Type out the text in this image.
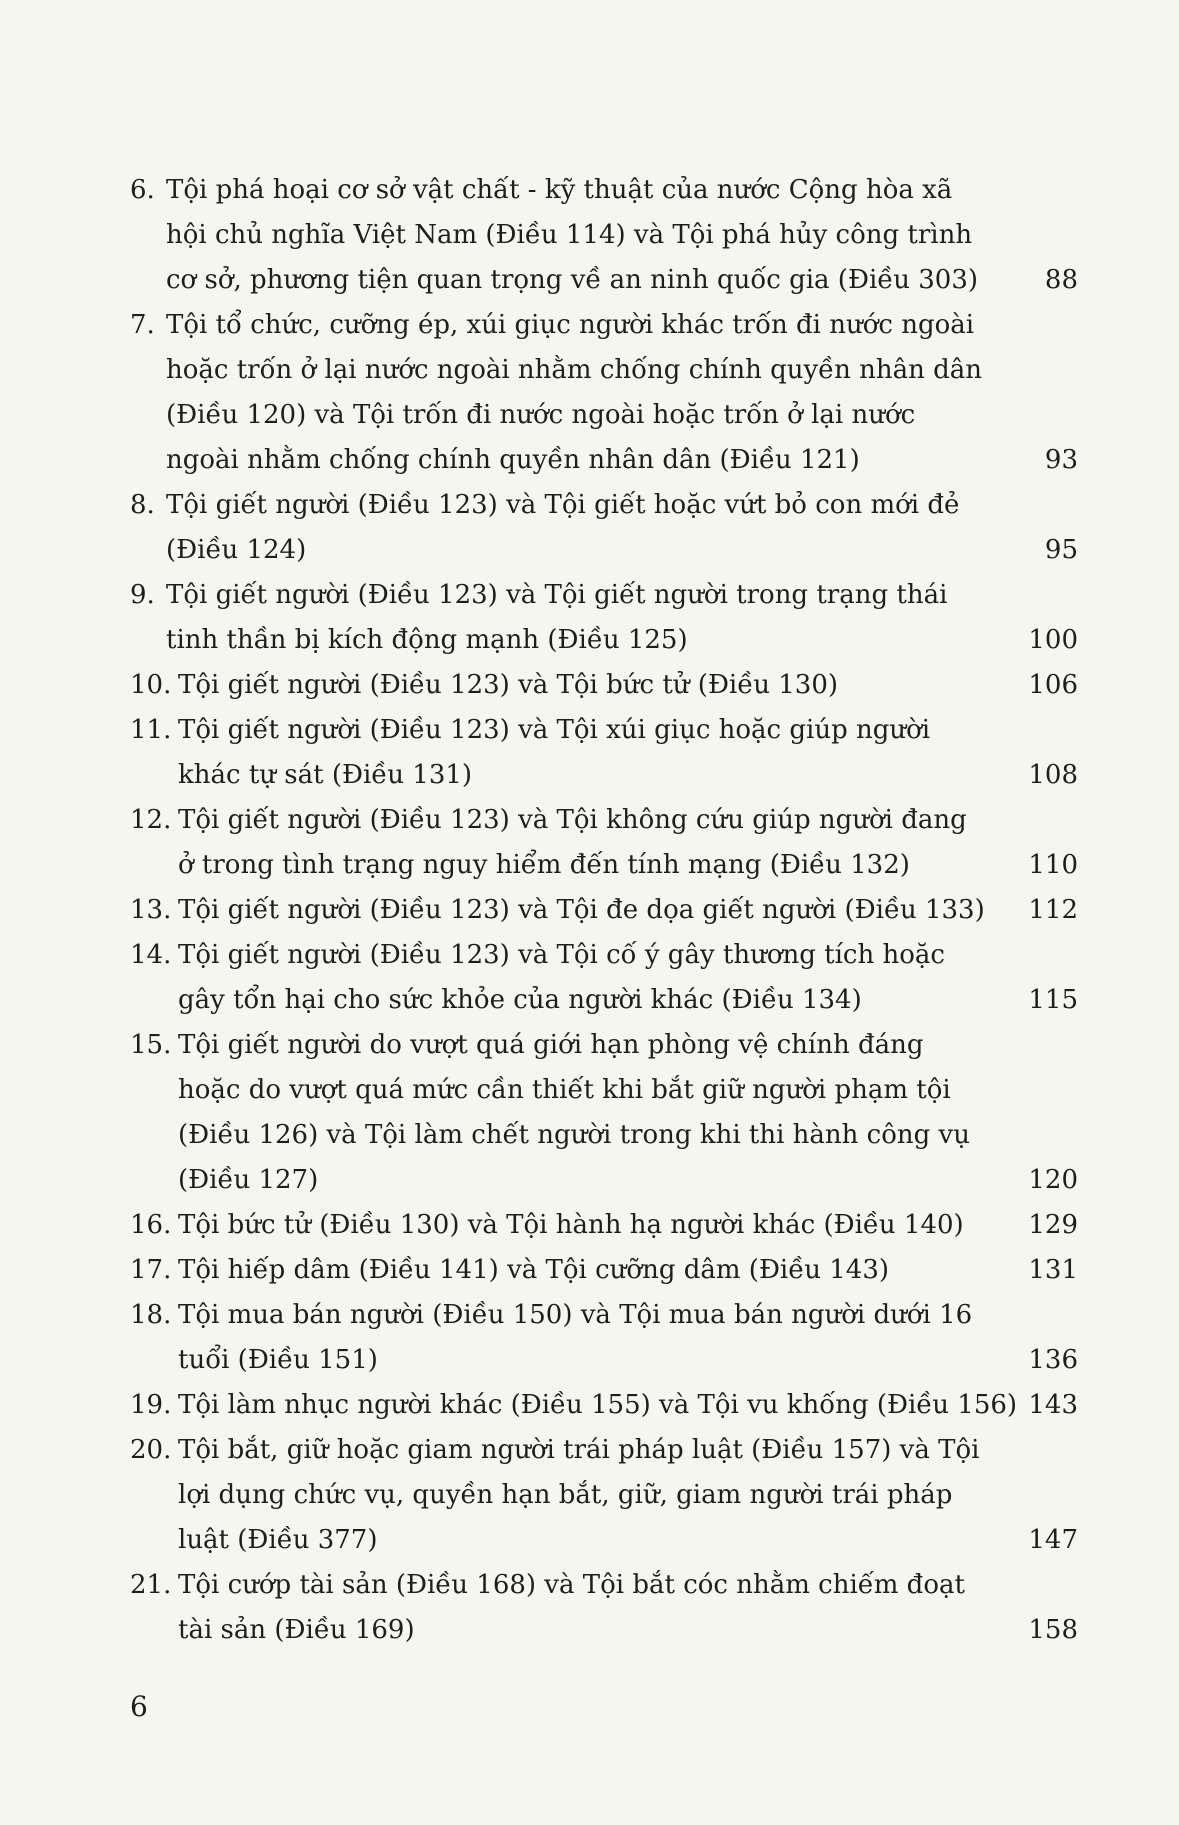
6. Tội phá hoại cơ sở vật chất - kỹ thuật của nước Cộng hòa xã
hội chủ nghĩa Việt Nam (Điều 114) và Tội phá hủy công trình
cơ sở, phương tiện quan trọng về an ninh quốc gia (Điều 303)	88
7. Tội tổ chức, cưỡng ép, xúi giục người khác trốn đi nước ngoài
hoặc trốn ở lại nước ngoài nhằm chống chính quyền nhân dân
(Điều 120) và Tội trốn đi nước ngoài hoặc trốn ở lại nước
ngoài nhằm chống chính quyền nhân dân (Điều 121)	93
8. Tội giết người (Điều 123) và Tội giết hoặc vứt bỏ con mới đẻ
(Điều 124)	95
9. Tội giết người (Điều 123) và Tội giết người trong trạng thái
tinh thần bị kích động mạnh (Điều 125)	100
10. Tội giết người (Điều 123) và Tội bức tử (Điều 130)	106
11. Tội giết người (Điều 123) và Tội xúi giục hoặc giúp người
khác tự sát (Điều 131)	108
12. Tội giết người (Điều 123) và Tội không cứu giúp người đang
ở trong tình trạng nguy hiểm đến tính mạng (Điều 132)	110
13. Tội giết người (Điều 123) và Tội đe dọa giết người (Điều 133) 112
14. Tội giết người (Điều 123) và Tội cố ý gây thương tích hoặc
gây tổn hại cho sức khỏe của người khác (Điều 134)	115
15. Tội giết người do vượt quá giới hạn phòng vệ chính đáng
hoặc do vượt quá mức cần thiết khi bắt giữ người phạm tội
(Điều 126) và Tội làm chết người trong khi thi hành công vụ
(Điều 127)	120
16. Tội bức tử (Điều 130) và Tội hành hạ người khác (Điều 140) 129
17. Tội hiếp dâm (Điều 141) và Tội cưỡng dâm (Điều 143)	131
18. Tội mua bán người (Điều 150) và Tội mua bán người dưới 16
tuổi (Điều 151)	136
19. Tội làm nhục người khác (Điều 155) và Tội vu khống (Điều 156) 143
20. Tội bắt, giữ hoặc giam người trái pháp luật (Điều 157) và Tội
lợi dụng chức vụ, quyền hạn bắt, giữ, giam người trái pháp
luật (Điều 377)	147
21. Tội cướp tài sản (Điều 168) và Tội bắt cóc nhằm chiếm đoạt
tài sản (Điều 169)	158
6
